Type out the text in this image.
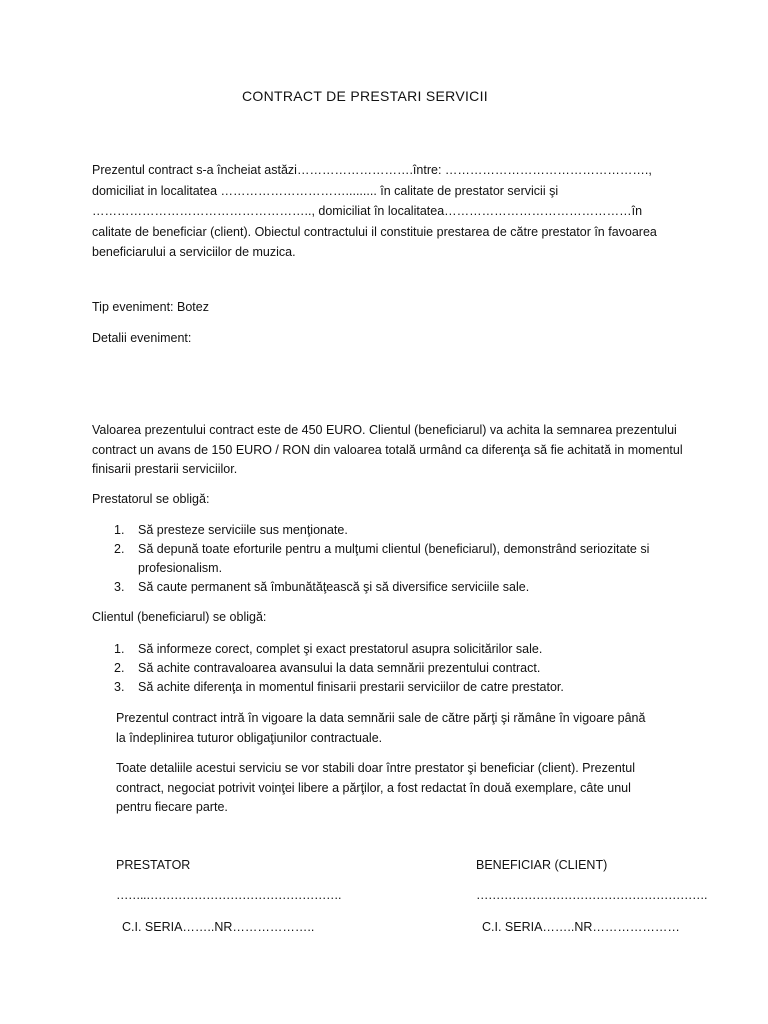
CONTRACT DE PRESTARI SERVICII

Prezentul contract s-a încheiat astăzi……………………….între: …………………………………………., domiciliat in localitatea …………………………......... în calitate de prestator servicii şi …………………………………………….., domiciliat în localitatea………………………………………în calitate de beneficiar (client). Obiectul contractului il constituie prestarea de către prestator în favoarea beneficiarului a serviciilor de muzica.

Tip eveniment: Botez

Detalii eveniment:

Valoarea prezentului contract este de 450 EURO. Clientul (beneficiarul) va achita la semnarea prezentului contract un avans de 150 EURO / RON din valoarea totală urmând ca diferenţa să fie achitată in momentul finisarii prestarii serviciilor.

Prestatorul se obligă:

1. Să presteze serviciile sus menţionate.
2. Să depună toate eforturile pentru a mulţumi clientul (beneficiarul), demonstrând seriozitate si profesionalism.
3. Să caute permanent să îmbunătăţească şi să diversifice serviciile sale.

Clientul (beneficiarul) se obligă:

1. Să informeze corect, complet şi exact prestatorul asupra solicitărilor sale.
2. Să achite contravaloarea avansului la data semnării prezentului contract.
3. Să achite diferenţa in momentul finisarii prestarii serviciilor de catre prestator.

Prezentul contract intră în vigoare la data semnării sale de către părţi şi rămâne în vigoare până la îndeplinirea tuturor obligaţiunilor contractuale.

Toate detaliile acestui serviciu se vor stabili doar între prestator şi beneficiar (client). Prezentul contract, negociat potrivit voinţei libere a părţilor, a fost redactat în două exemplare, câte unul pentru fiecare parte.

PRESTATOR
……..………………………………………….
C.I. SERIA……..NR………………..
BENEFICIAR (CLIENT)
………………………………………………….
C.I. SERIA……..NR…………………
